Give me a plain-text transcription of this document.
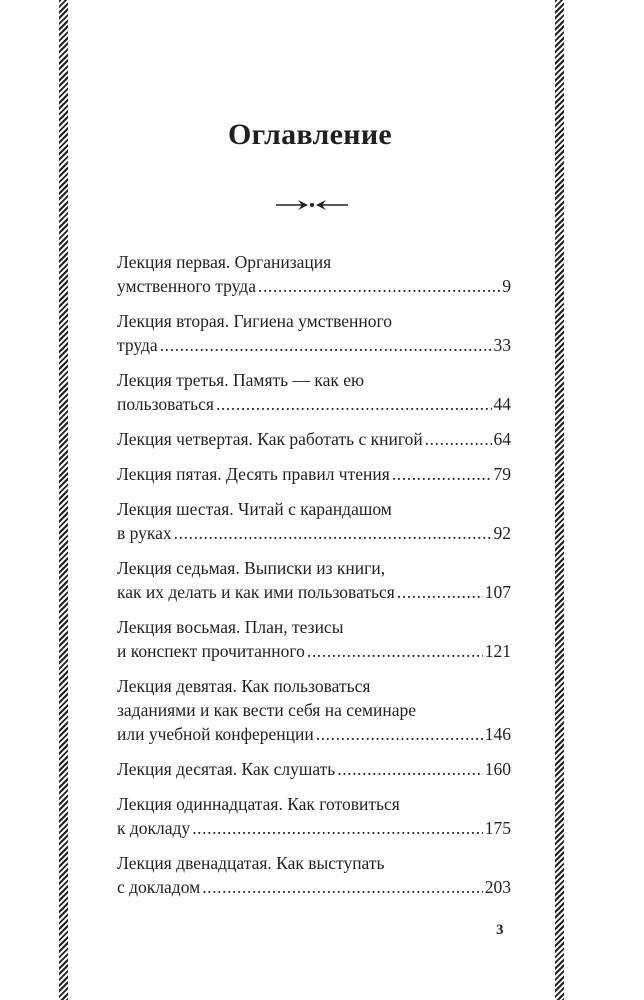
Оглавление
Лекция первая. Организация
умственного труда .....	9
Лекция вторая. Гигиена умственного
труда .....	33
Лекция третья. Память — как ею
пользоваться .....	44
Лекция четвертая. Как работать с книгой .....	64
Лекция пятая. Десять правил чтения .....	79
Лекция шестая. Читай с карандашом
в руках .....	92
Лекция седьмая. Выписки из книги,
как их делать и как ими пользоваться .....	107
Лекция восьмая. План, тезисы
и конспект прочитанного .....	121
Лекция девятая. Как пользоваться
заданиями и как вести себя на семинаре
или учебной конференции .....	146
Лекция десятая. Как слушать .....	160
Лекция одиннадцатая. Как готовиться
к докладу .....	175
Лекция двенадцатая. Как выступать
с докладом .....	203
3
